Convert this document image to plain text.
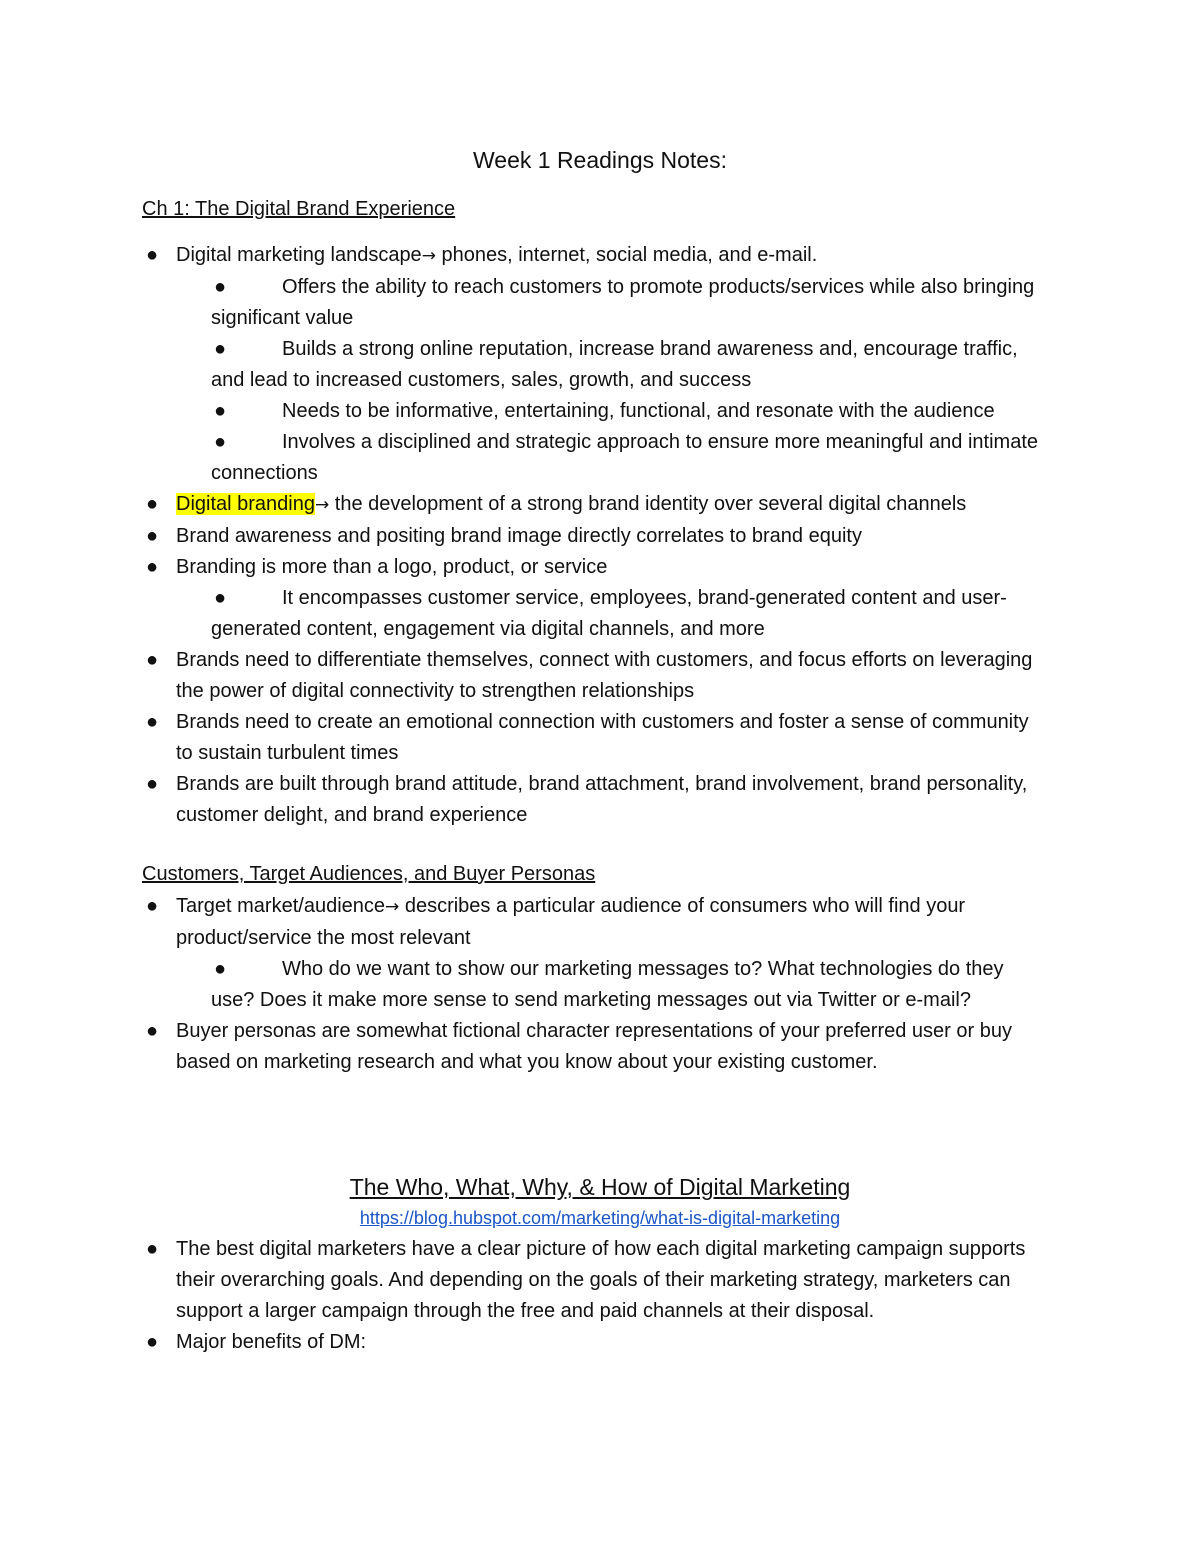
Week 1 Readings Notes:
Ch 1: The Digital Brand Experience
● Digital marketing landscape→ phones, internet, social media, and e-mail.
●	Offers the ability to reach customers to promote products/services while also bringing significant value
●	Builds a strong online reputation, increase brand awareness and, encourage traffic, and lead to increased customers, sales, growth, and success
●	Needs to be informative, entertaining, functional, and resonate with the audience
●	Involves a disciplined and strategic approach to ensure more meaningful and intimate connections
● Digital branding→ the development of a strong brand identity over several digital channels
● Brand awareness and positing brand image directly correlates to brand equity
● Branding is more than a logo, product, or service
●	It encompasses customer service, employees, brand-generated content and user-generated content, engagement via digital channels, and more
● Brands need to differentiate themselves, connect with customers, and focus efforts on leveraging the power of digital connectivity to strengthen relationships
● Brands need to create an emotional connection with customers and foster a sense of community to sustain turbulent times
● Brands are built through brand attitude, brand attachment, brand involvement, brand personality, customer delight, and brand experience
Customers, Target Audiences, and Buyer Personas
● Target market/audience→ describes a particular audience of consumers who will find your product/service the most relevant
●	Who do we want to show our marketing messages to? What technologies do they use? Does it make more sense to send marketing messages out via Twitter or e-mail?
● Buyer personas are somewhat fictional character representations of your preferred user or buy based on marketing research and what you know about your existing customer.
The Who, What, Why, & How of Digital Marketing
https://blog.hubspot.com/marketing/what-is-digital-marketing
● The best digital marketers have a clear picture of how each digital marketing campaign supports their overarching goals. And depending on the goals of their marketing strategy, marketers can support a larger campaign through the free and paid channels at their disposal.
● Major benefits of DM:
